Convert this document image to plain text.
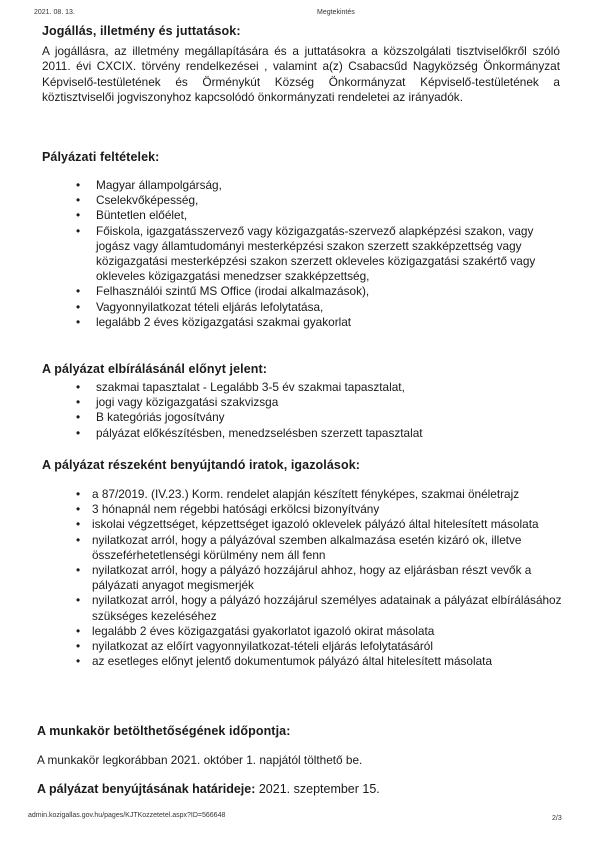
2021. 08. 13.	Megtekintés
Jogállás, illetmény és juttatások:

A jogállásra, az illetmény megállapítására és a juttatásokra a közszolgálati tisztviselőkről szóló 2011. évi CXCIX. törvény rendelkezései , valamint a(z) Csabacsűd Nagyközség Önkormányzat Képviselő-testületének és Örménykút Község Önkormányzat Képviselő-testületének a köztisztviselői jogviszonyhoz kapcsolódó önkormányzati rendeletei az irányadók.

Pályázati feltételek:
• Magyar állampolgárság,
• Cselekvőképesség,
• Büntetlen előélet,
• Főiskola, igazgatásszervező vagy közigazgatás-szervező alapképzési szakon, vagy jogász vagy államtudományi mesterképzési szakon szerzett szakképzettség vagy közigazgatási mesterképzési szakon szerzett okleveles közigazgatási szakértő vagy okleveles közigazgatási menedzser szakképzettség,
• Felhasználói szintű MS Office (irodai alkalmazások),
• Vagyonnyilatkozat tételi eljárás lefolytatása,
• legalább 2 éves közigazgatási szakmai gyakorlat
A pályázat elbírálásánál előnyt jelent:
• szakmai tapasztalat - Legalább 3-5 év szakmai tapasztalat,
• jogi vagy közigazgatási szakvizsga
• B kategóriás jogosítvány
• pályázat előkészítésben, menedzselésben szerzett tapasztalat
A pályázat részeként benyújtandó iratok, igazolások:
• a 87/2019. (IV.23.) Korm. rendelet alapján készített fényképes, szakmai önéletrajz
• 3 hónapnál nem régebbi hatósági erkölcsi bizonyítvány
• iskolai végzettséget, képzettséget igazoló oklevelek pályázó által hitelesített másolata
• nyilatkozat arról, hogy a pályázóval szemben alkalmazása esetén kizáró ok, illetve összeférhetetlenségi körülmény nem áll fenn
• nyilatkozat arról, hogy a pályázó hozzájárul ahhoz, hogy az eljárásban részt vevők a pályázati anyagot megismerjék
• nyilatkozat arról, hogy a pályázó hozzájárul személyes adatainak a pályázat elbírálásához szükséges kezeléséhez
• legalább 2 éves közigazgatási gyakorlatot igazoló okirat másolata
• nyilatkozat az előírt vagyonnyilatkozat-tételi eljárás lefolytatásáról
• az esetleges előnyt jelentő dokumentumok pályázó által hitelesített másolata
A munkakör betölthetőségének időpontja:

A munkakör legkorábban 2021. október 1. napjától tölthető be.

A pályázat benyújtásának határideje: 2021. szeptember 15.

admin.kozigallas.gov.hu/pages/KJTKozzetetel.aspx?ID=566648	2/3
